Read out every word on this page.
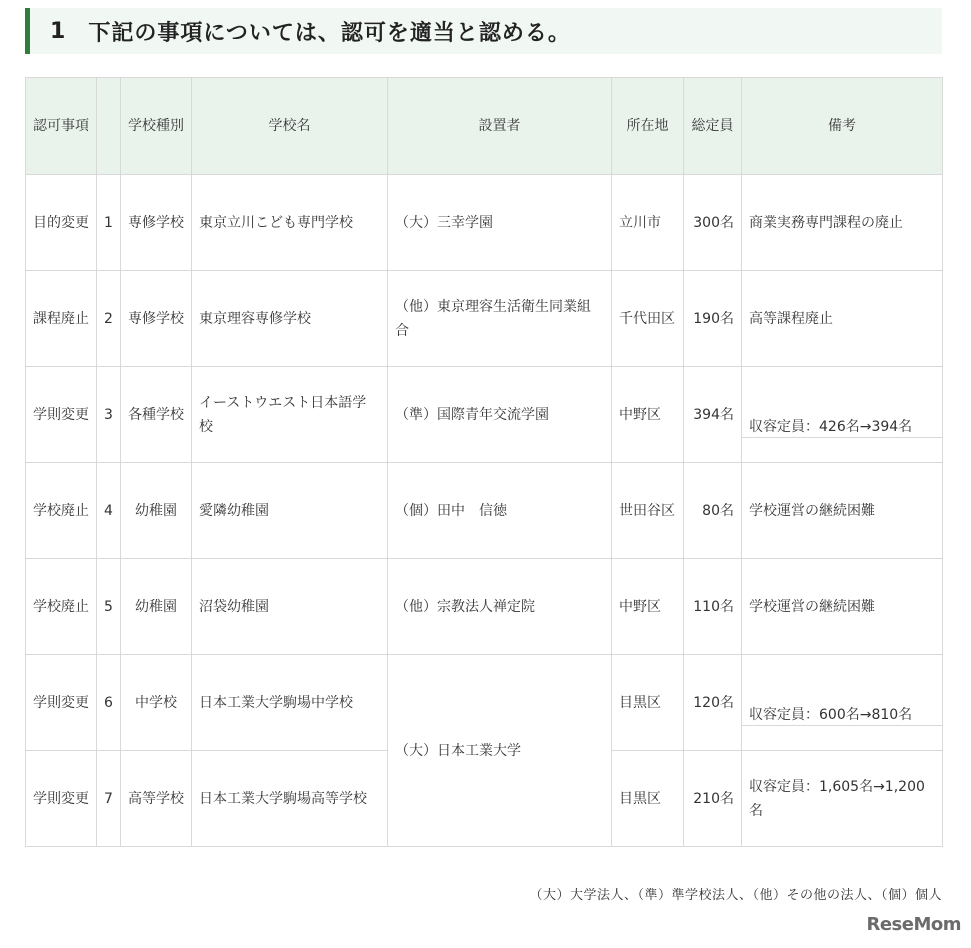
1 下記の事項については、認可を適当と認める。
認可事項		学校種別	学校名	設置者	所在地	総定員	備考
目的変更	1	専修学校	東京立川こども専門学校	（大）三幸学園	立川市	300名	商業実務専門課程の廃止
課程廃止	2	専修学校	東京理容専修学校	（他）東京理容生活衛生同業組合	千代田区	190名	高等課程廃止
学則変更	3	各種学校	イーストウエスト日本語学校	（準）国際青年交流学園	中野区	394名	収容定員：426名→394名

学校廃止	4	幼稚園	愛隣幼稚園	（個）田中　信徳	世田谷区	80名	学校運営の継続困難
学校廃止	5	幼稚園	沼袋幼稚園	（他）宗教法人禅定院	中野区	110名	学校運営の継続困難
学則変更	6	中学校	日本工業大学駒場中学校	（大）日本工業大学	目黒区	120名	収容定員：600名→810名

学則変更	7	高等学校	日本工業大学駒場高等学校		目黒区	210名	収容定員：1,605名→1,200名
（大）大学法人、（準）準学校法人、（他）その他の法人、（個）個人
ReseMom
